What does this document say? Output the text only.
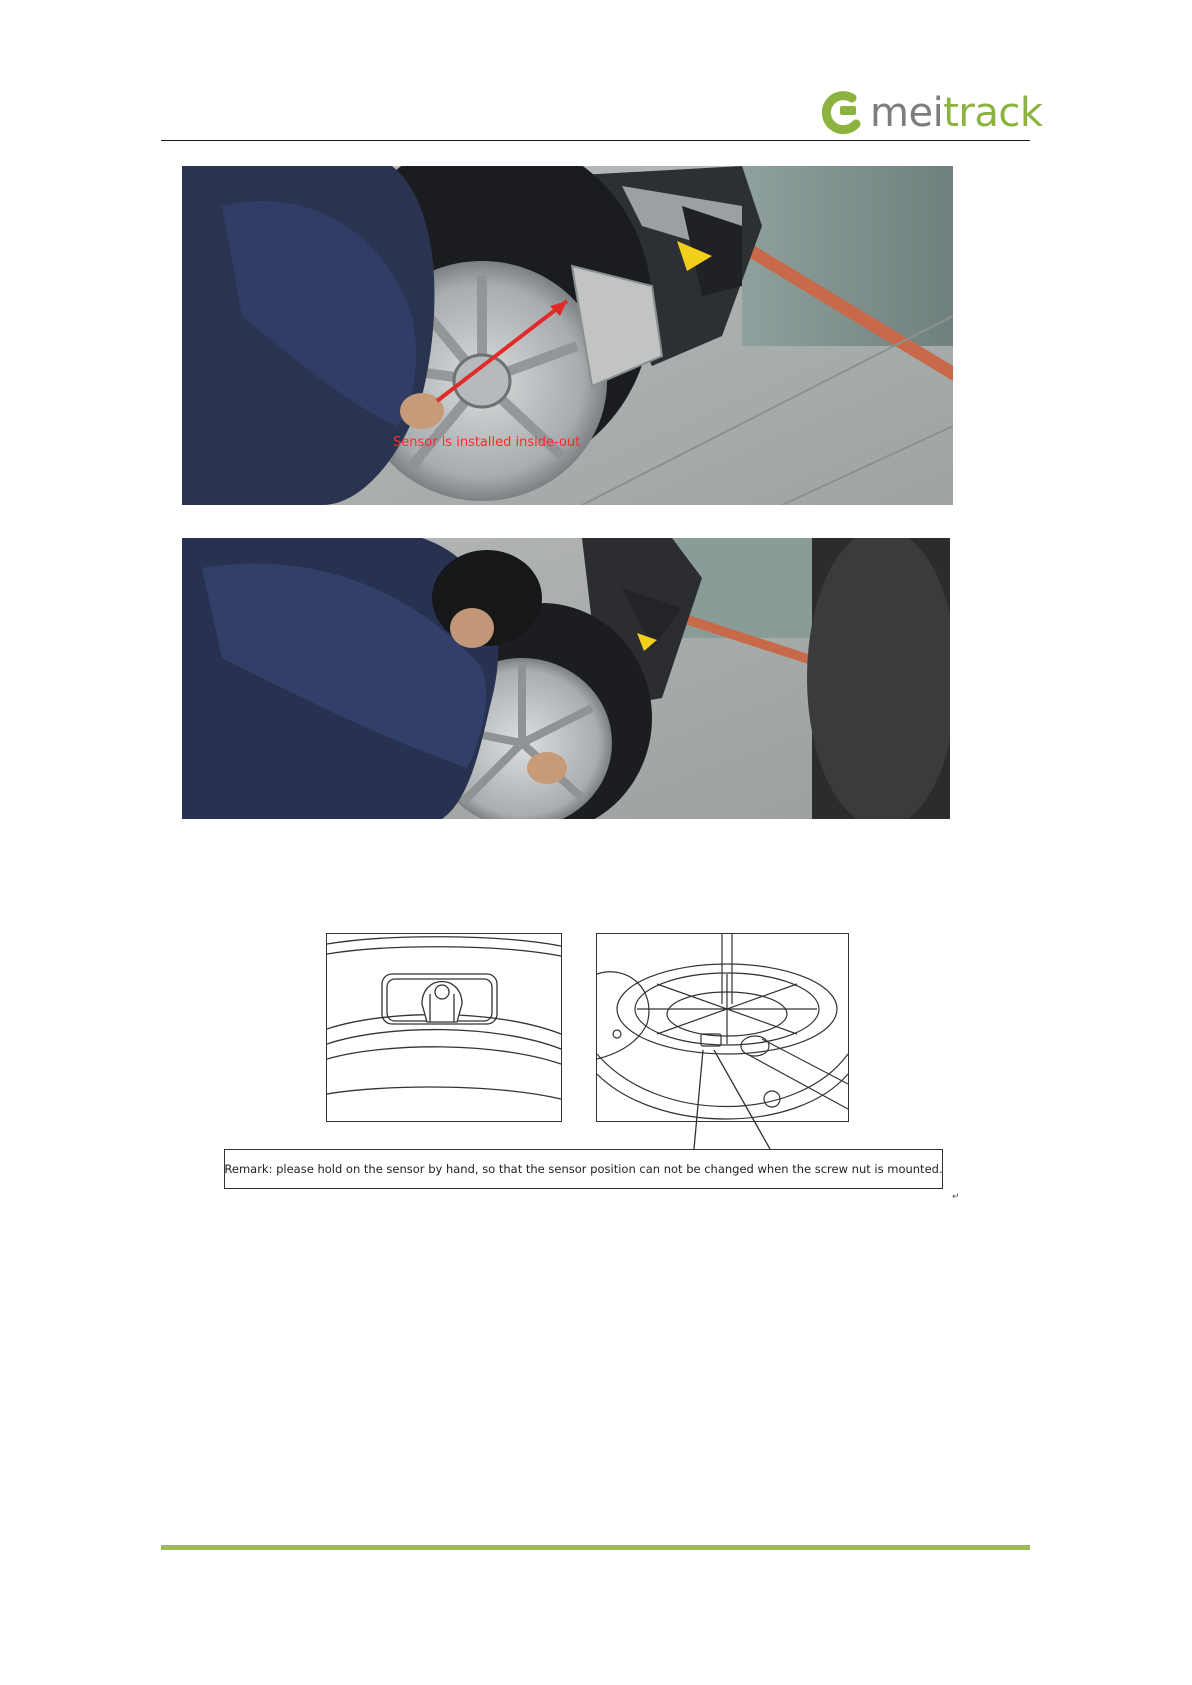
meitrack
Sensor is installed inside-out
Remark: please hold on the sensor by hand, so that the sensor position can not be changed when the screw nut is mounted.
↵
